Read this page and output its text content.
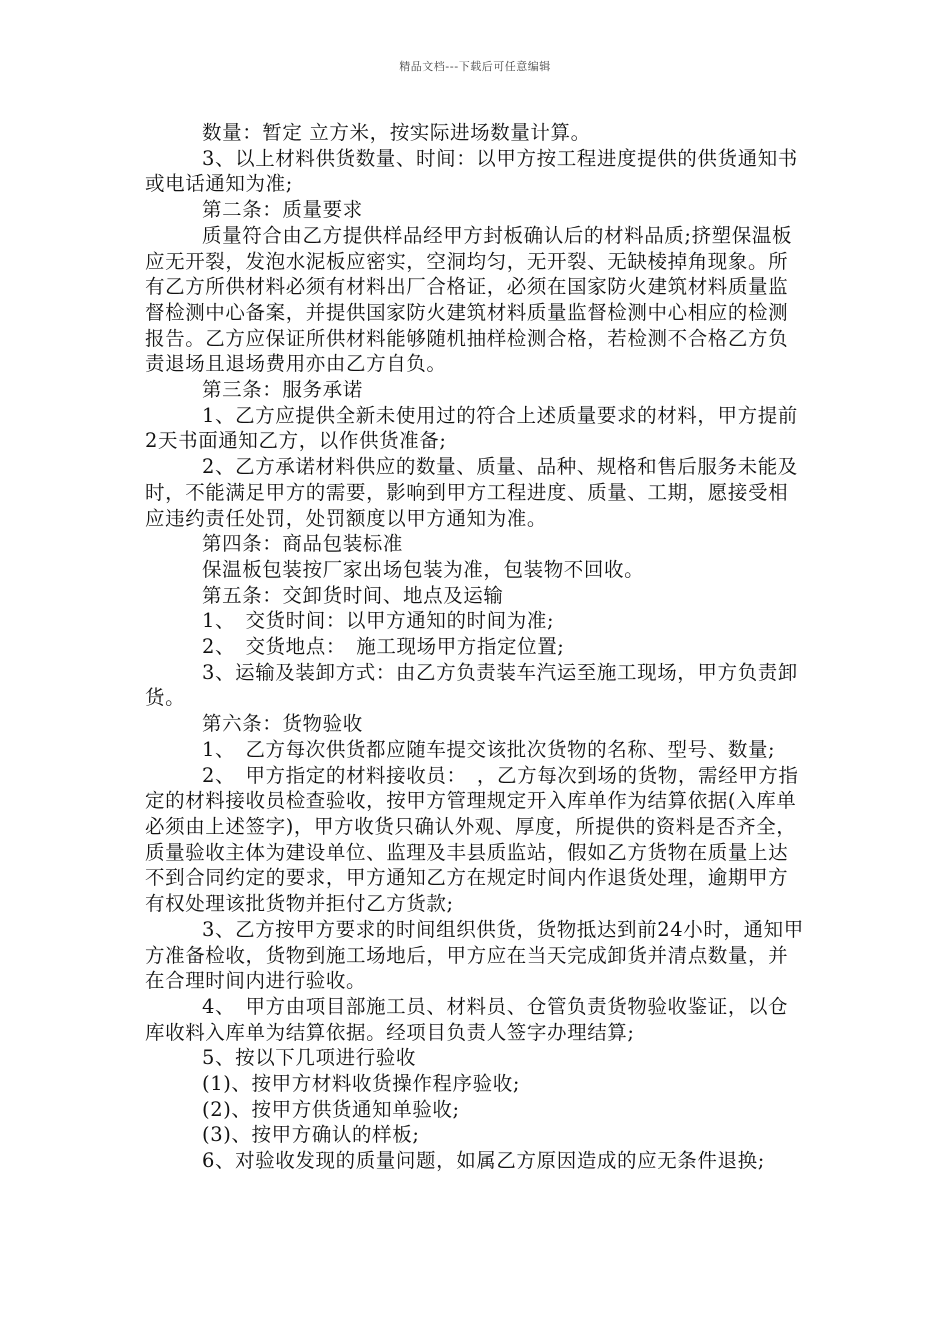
精品文档---下载后可任意编辑

数量：暂定 立方米，按实际进场数量计算。

3、以上材料供货数量、时间：以甲方按工程进度提供的供货通知书或电话通知为准;

第二条：质量要求

质量符合由乙方提供样品经甲方封板确认后的材料品质;挤塑保温板应无开裂，发泡水泥板应密实，空洞均匀，无开裂、无缺棱掉角现象。所有乙方所供材料必须有材料出厂合格证，必须在国家防火建筑材料质量监督检测中心备案，并提供国家防火建筑材料质量监督检测中心相应的检测报告。乙方应保证所供材料能够随机抽样检测合格，若检测不合格乙方负责退场且退场费用亦由乙方自负。

第三条：服务承诺

1、乙方应提供全新未使用过的符合上述质量要求的材料，甲方提前2天书面通知乙方，以作供货准备;

2、乙方承诺材料供应的数量、质量、品种、规格和售后服务未能及时，不能满足甲方的需要，影响到甲方工程进度、质量、工期，愿接受相应违约责任处罚，处罚额度以甲方通知为准。

第四条：商品包装标准

保温板包装按厂家出场包装为准，包装物不回收。

第五条：交卸货时间、地点及运输

1、　交货时间：以甲方通知的时间为准;

2、　交货地点：　施工现场甲方指定位置;

3、运输及装卸方式：由乙方负责装车汽运至施工现场，甲方负责卸货。

第六条：货物验收

1、　乙方每次供货都应随车提交该批次货物的名称、型号、数量;

2、　甲方指定的材料接收员：　，乙方每次到场的货物，需经甲方指定的材料接收员检查验收，按甲方管理规定开入库单作为结算依据(入库单必须由上述签字)，甲方收货只确认外观、厚度，所提供的资料是否齐全，质量验收主体为建设单位、监理及丰县质监站，假如乙方货物在质量上达不到合同约定的要求，甲方通知乙方在规定时间内作退货处理，逾期甲方有权处理该批货物并拒付乙方货款;

3、乙方按甲方要求的时间组织供货，货物抵达到前24小时，通知甲方准备检收，货物到施工场地后，甲方应在当天完成卸货并清点数量，并在合理时间内进行验收。

4、　甲方由项目部施工员、材料员、仓管负责货物验收鉴证，以仓库收料入库单为结算依据。经项目负责人签字办理结算;

5、按以下几项进行验收

(1)、按甲方材料收货操作程序验收;

(2)、按甲方供货通知单验收;

(3)、按甲方确认的样板;

6、对验收发现的质量问题，如属乙方原因造成的应无条件退换;
